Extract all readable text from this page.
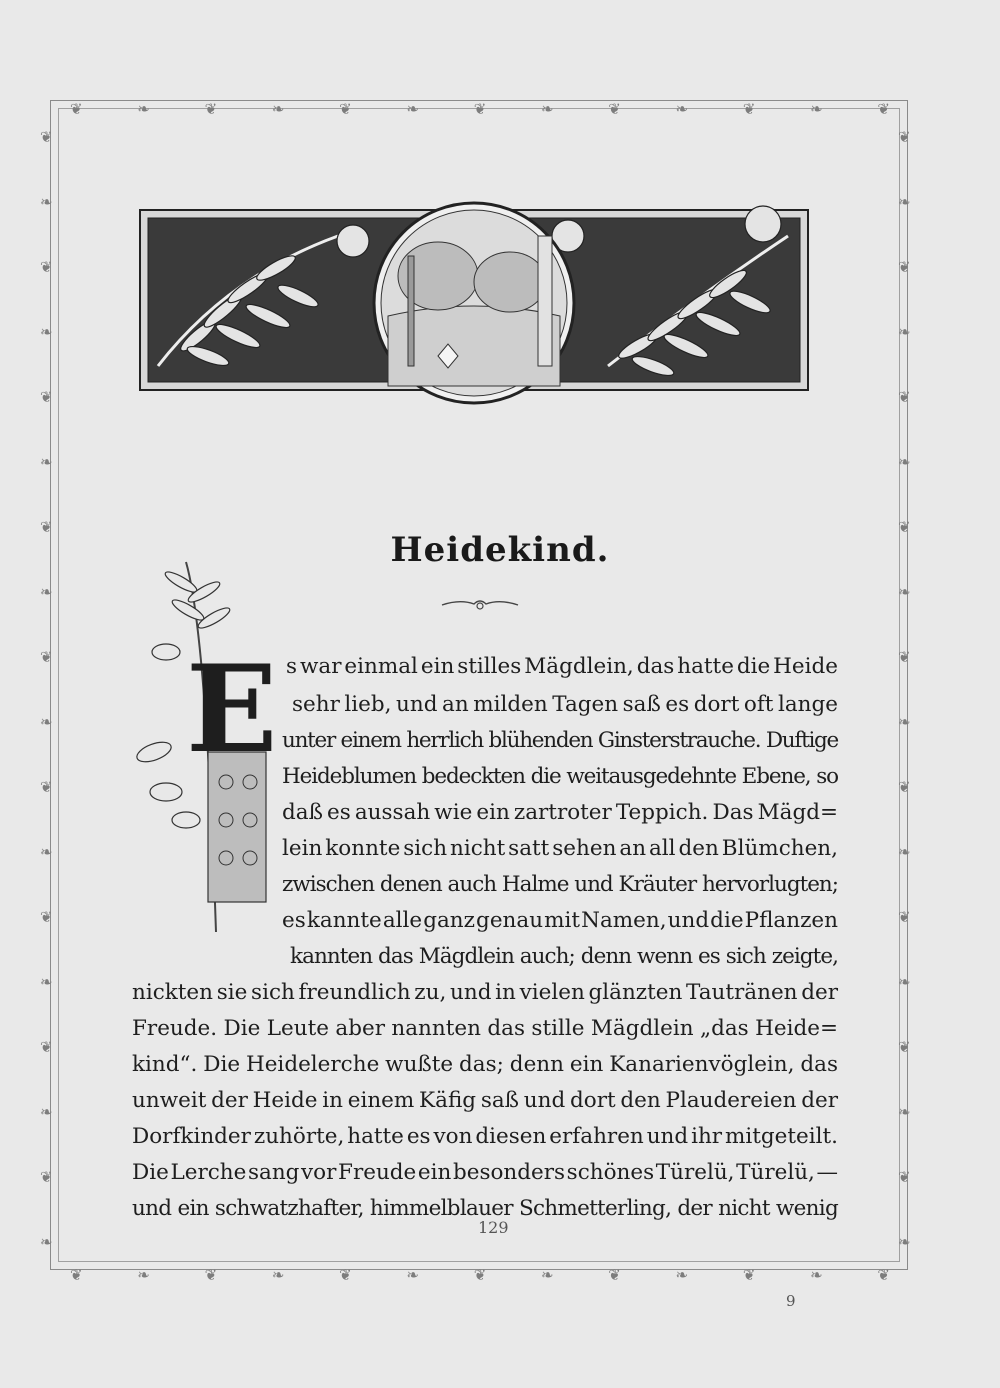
❦	❧	❦	❧	❦	❧	❦	❧	❦	❧	❦	❧	❦
❦	❧	❦	❧	❦	❧	❦	❧	❦	❧	❦	❧	❦
❦
❧
❦
❧
❦
❧
❦
❧
❦
❧
❦
❧
❦
❧
❦
❧
❦
❧
❦
❧
❦
❧
❦
❧
❦
❧
❦
❧
❦
❧
❦
❧
❦
❧
❦
❧
Heidekind.
E s war einmal ein stilles Mägdlein, das hatte die Heide
sehr lieb, und an milden Tagen saß es dort oft lange
unter einem herrlich blühenden Ginsterstrauche. Duftige
Heideblumen bedeckten die weitausgedehnte Ebene, so
daß es aussah wie ein zartroter Teppich. Das Mägd=
lein konnte sich nicht satt sehen an all den Blümchen,
zwischen denen auch Halme und Kräuter hervorlugten;
es kannte alle ganz genau mit Namen, und die Pflanzen
kannten das Mägdlein auch; denn wenn es sich zeigte,
nickten sie sich freundlich zu, und in vielen glänzten Tautränen der
Freude. Die Leute aber nannten das stille Mägdlein „das Heide=
kind“. Die Heidelerche wußte das; denn ein Kanarienvöglein, das
unweit der Heide in einem Käfig saß und dort den Plaudereien der
Dorfkinder zuhörte, hatte es von diesen erfahren und ihr mitgeteilt.
Die Lerche sang vor Freude ein besonders schönes Türelü, Türelü, —
und ein schwatzhafter, himmelblauer Schmetterling, der nicht wenig
129
9
